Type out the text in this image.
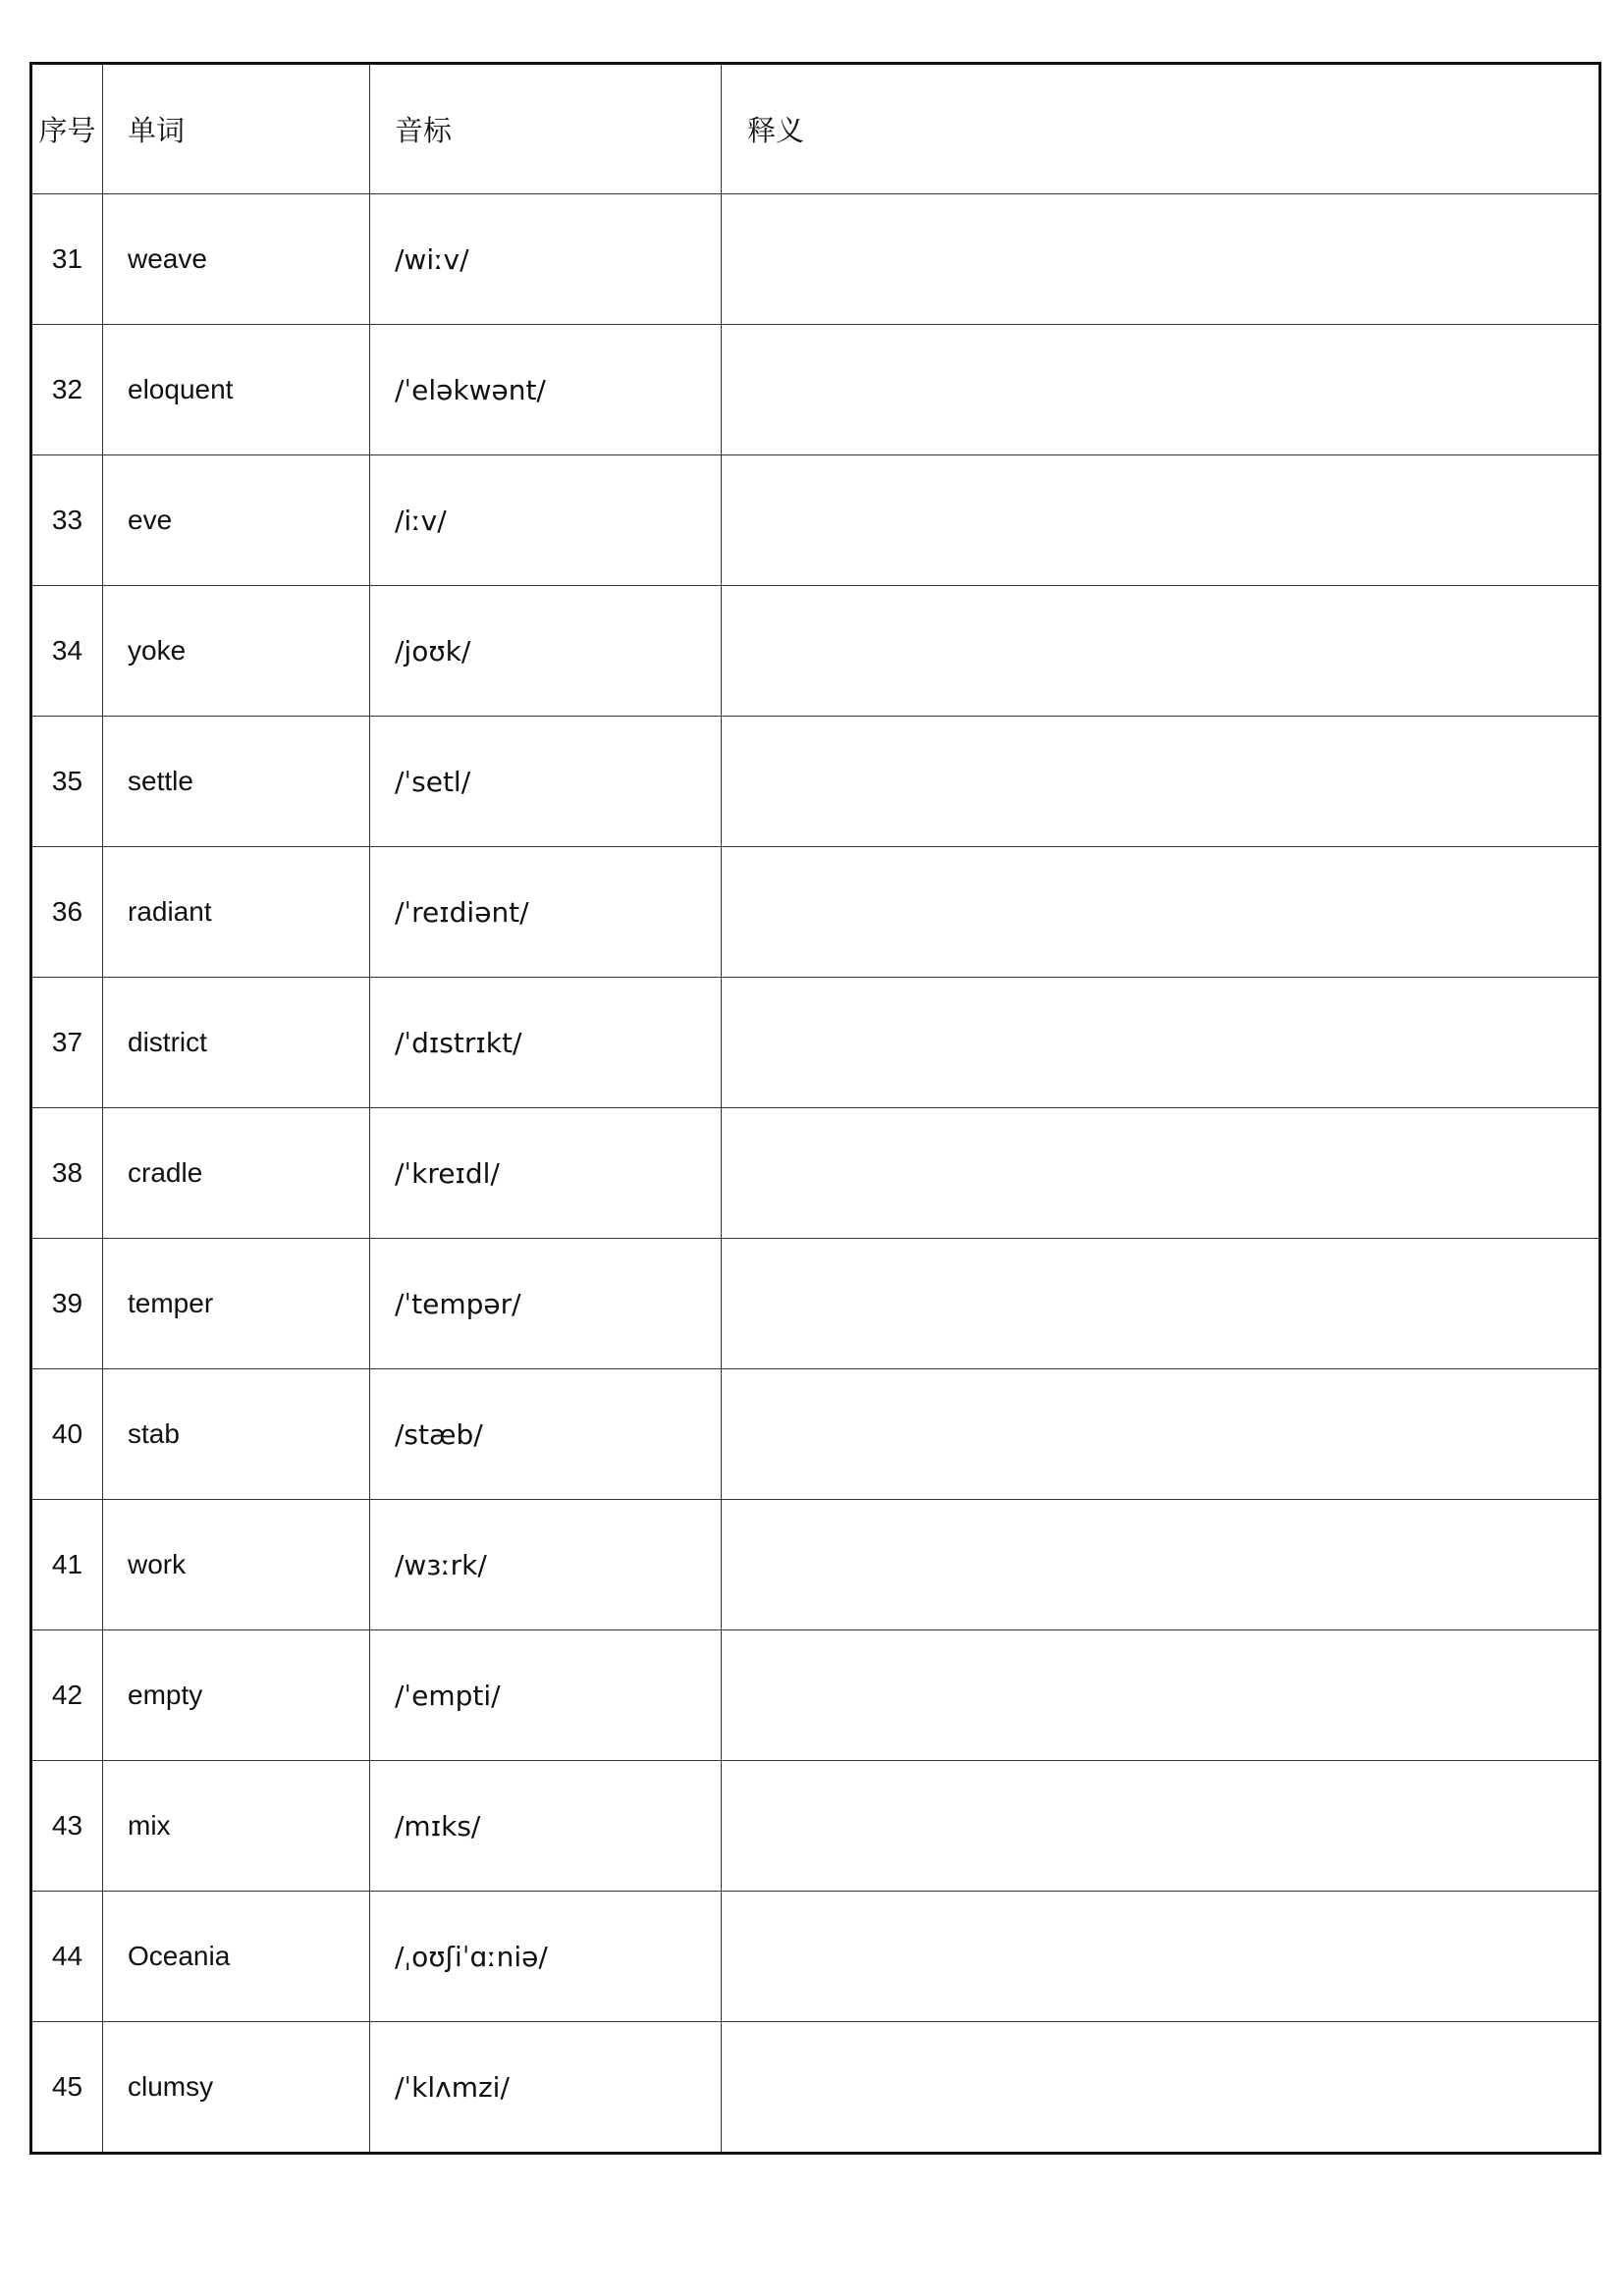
序号	单词	音标	释义
31	weave	/wiːv/	
32	eloquent	/ˈeləkwənt/	
33	eve	/iːv/	
34	yoke	/joʊk/	
35	settle	/ˈsetl/	
36	radiant	/ˈreɪdiənt/	
37	district	/ˈdɪstrɪkt/	
38	cradle	/ˈkreɪdl/	
39	temper	/ˈtempər/	
40	stab	/stæb/	
41	work	/wɜːrk/	
42	empty	/ˈempti/	
43	mix	/mɪks/	
44	Oceania	/ˌoʊʃiˈɑːniə/	
45	clumsy	/ˈklʌmzi/	
